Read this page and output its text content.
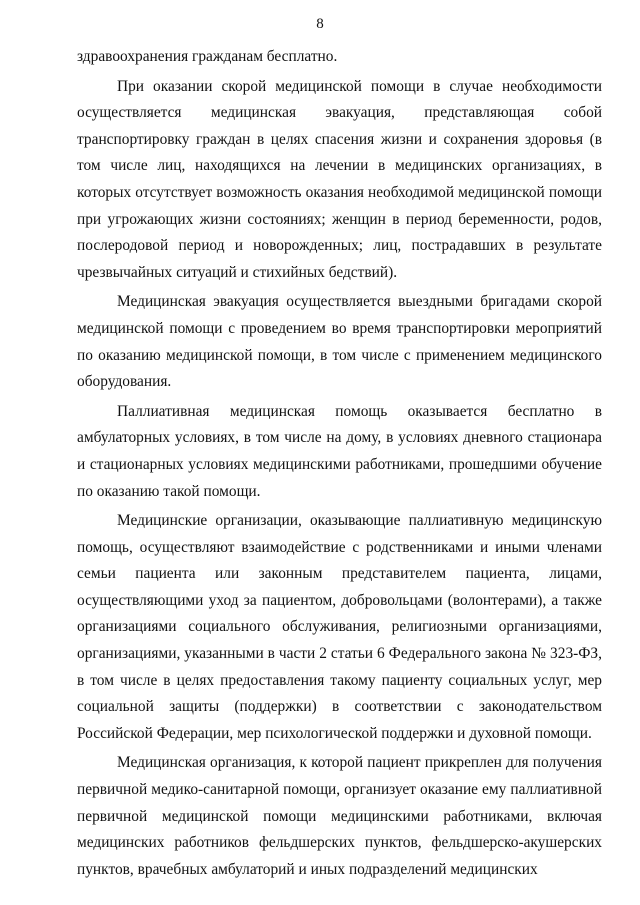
8

здравоохранения гражданам бесплатно.

При оказании скорой медицинской помощи в случае необходимости осуществляется медицинская эвакуация, представляющая собой транспортировку граждан в целях спасения жизни и сохранения здоровья (в том числе лиц, находящихся на лечении в медицинских организациях, в которых отсутствует возможность оказания необходимой медицинской помощи при угрожающих жизни состояниях; женщин в период беременности, родов, послеродовой период и новорожденных; лиц, пострадавших в результате чрезвычайных ситуаций и стихийных бедствий).

Медицинская эвакуация осуществляется выездными бригадами скорой медицинской помощи с проведением во время транспортировки мероприятий по оказанию медицинской помощи, в том числе с применением медицинского оборудования.

Паллиативная медицинская помощь оказывается бесплатно в амбулаторных условиях, в том числе на дому, в условиях дневного стационара и стационарных условиях медицинскими работниками, прошедшими обучение по оказанию такой помощи.

Медицинские организации, оказывающие паллиативную медицинскую помощь, осуществляют взаимодействие с родственниками и иными членами семьи пациента или законным представителем пациента, лицами, осуществляющими уход за пациентом, добровольцами (волонтерами), а также организациями социального обслуживания, религиозными организациями, организациями, указанными в части 2 статьи 6 Федерального закона № 323-ФЗ, в том числе в целях предоставления такому пациенту социальных услуг, мер социальной защиты (поддержки) в соответствии с законодательством Российской Федерации, мер психологической поддержки и духовной помощи.

Медицинская организация, к которой пациент прикреплен для получения первичной медико-санитарной помощи, организует оказание ему паллиативной первичной медицинской помощи медицинскими работниками, включая медицинских работников фельдшерских пунктов, фельдшерско-акушерских пунктов, врачебных амбулаторий и иных подразделений медицинских
